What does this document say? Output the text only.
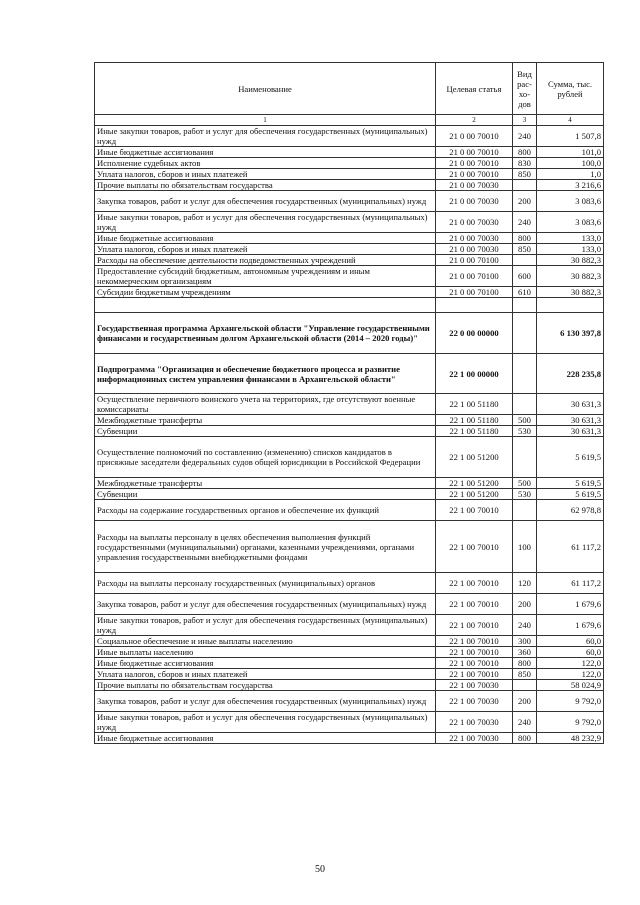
Наименование	Целевая статья	Вид рас-хо-дов	Сумма, тыс. рублей
1	2	3	4
Иные закупки товаров, работ и услуг для обеспечения государственных (муниципальных) нужд	21 0 00 70010	240	1 507,8
Иные бюджетные ассигнования	21 0 00 70010	800	101,0
Исполнение судебных актов	21 0 00 70010	830	100,0
Уплата налогов, сборов и иных платежей	21 0 00 70010	850	1,0
Прочие выплаты по обязательствам государства	21 0 00 70030		3 216,6
Закупка товаров, работ и услуг для обеспечения государственных (муниципальных) нужд	21 0 00 70030	200	3 083,6
Иные закупки товаров, работ и услуг для обеспечения государственных (муниципальных) нужд	21 0 00 70030	240	3 083,6
Иные бюджетные ассигнования	21 0 00 70030	800	133,0
Уплата налогов, сборов и иных платежей	21 0 00 70030	850	133,0
Расходы на обеспечение деятельности подведомственных учреждений	21 0 00 70100		30 882,3
Предоставление субсидий бюджетным, автономным учреждениям и иным некоммерческим организациям	21 0 00 70100	600	30 882,3
Субсидии бюджетным учреждениям	21 0 00 70100	610	30 882,3

Государственная программа Архангельской области "Управление государственными финансами и государственным долгом Архангельской области (2014 – 2020 годы)"	22 0 00 00000		6 130 397,8
Подпрограмма "Организация и обеспечение бюджетного процесса и развитие информационных систем управления финансами в Архангельской области"	22 1 00 00000		228 235,8
Осуществление первичного воинского учета на территориях, где отсутствуют военные комиссариаты	22 1 00 51180		30 631,3
Межбюджетные трансферты	22 1 00 51180	500	30 631,3
Субвенции	22 1 00 51180	530	30 631,3
Осуществление полномочий по составлению (изменению) списков кандидатов в присяжные заседатели федеральных судов общей юрисдикции в Российской Федерации	22 1 00 51200		5 619,5
Межбюджетные трансферты	22 1 00 51200	500	5 619,5
Субвенции	22 1 00 51200	530	5 619,5
Расходы на содержание государственных органов и обеспечение их функций	22 1 00 70010		62 978,8
Расходы на выплаты персоналу в целях обеспечения выполнения функций государственными (муниципальными) органами, казенными учреждениями, органами управления государственными внебюджетными фондами	22 1 00 70010	100	61 117,2
Расходы на выплаты персоналу государственных (муниципальных) органов	22 1 00 70010	120	61 117,2
Закупка товаров, работ и услуг для обеспечения государственных (муниципальных) нужд	22 1 00 70010	200	1 679,6
Иные закупки товаров, работ и услуг для обеспечения государственных (муниципальных) нужд	22 1 00 70010	240	1 679,6
Социальное обеспечение и иные выплаты населению	22 1 00 70010	300	60,0
Иные выплаты населению	22 1 00 70010	360	60,0
Иные бюджетные ассигнования	22 1 00 70010	800	122,0
Уплата налогов, сборов и иных платежей	22 1 00 70010	850	122,0
Прочие выплаты по обязательствам государства	22 1 00 70030		58 024,9
Закупка товаров, работ и услуг для обеспечения государственных (муниципальных) нужд	22 1 00 70030	200	9 792,0
Иные закупки товаров, работ и услуг для обеспечения государственных (муниципальных) нужд	22 1 00 70030	240	9 792,0
Иные бюджетные ассигнования	22 1 00 70030	800	48 232,9
50
